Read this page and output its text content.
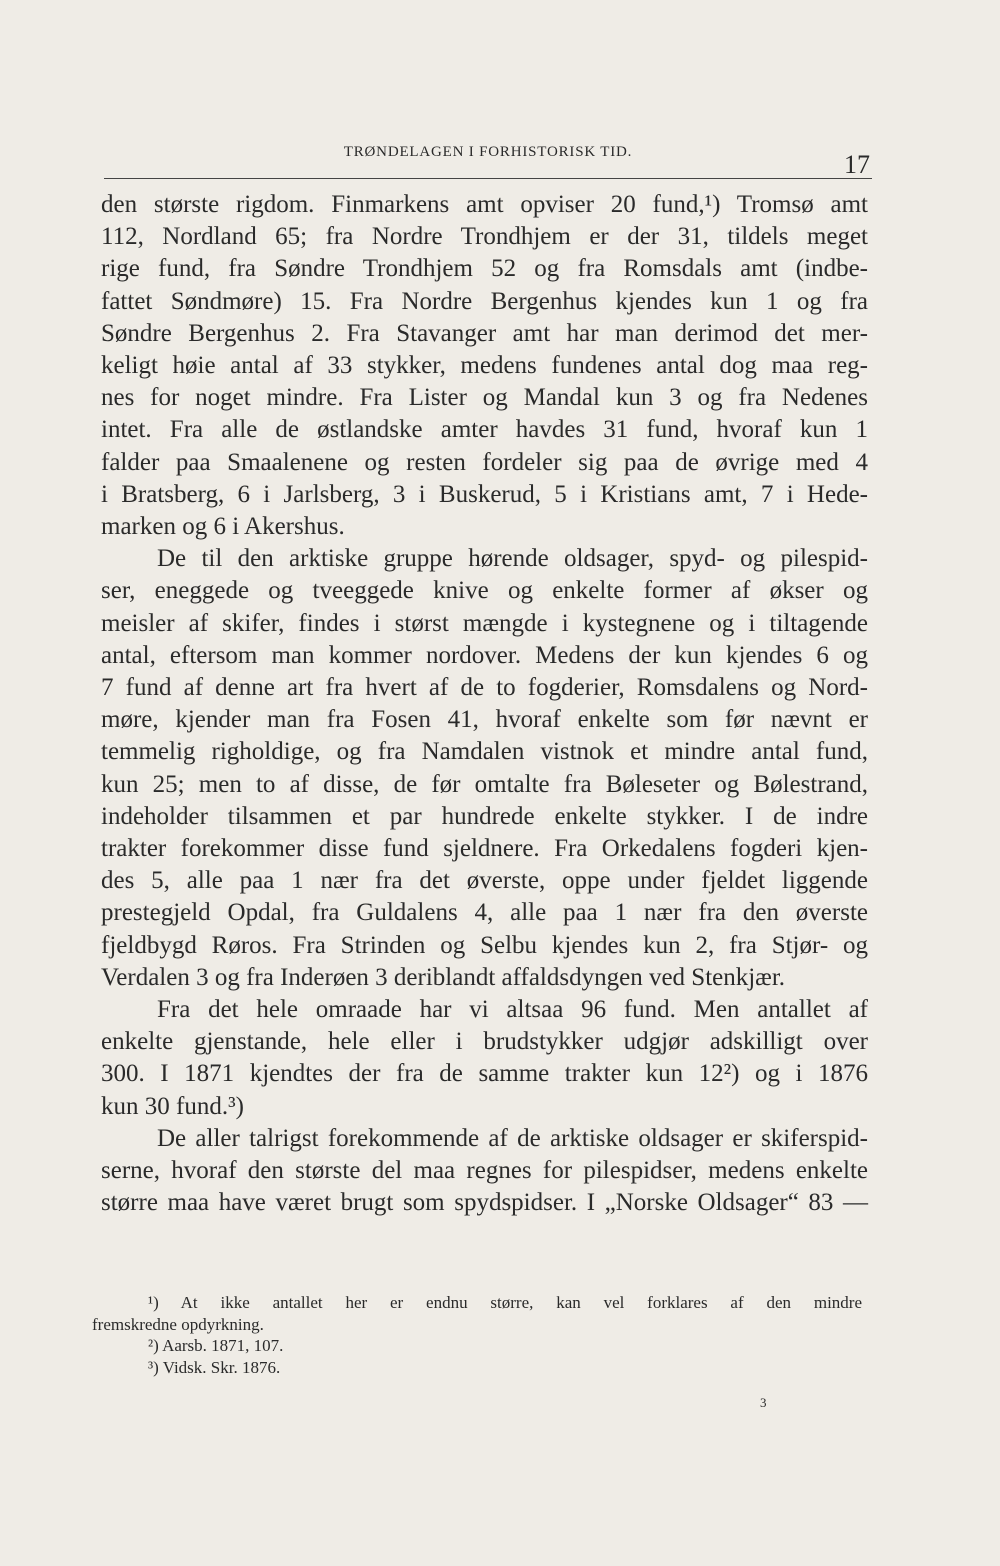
TRØNDELAGEN I FORHISTORISK TID.	17

den største rigdom. Finmarkens amt opviser 20 fund,¹) Tromsø amt
112, Nordland 65; fra Nordre Trondhjem er der 31, tildels meget
rige fund, fra Søndre Trondhjem 52 og fra Romsdals amt (indbe-
fattet Søndmøre) 15. Fra Nordre Bergenhus kjendes kun 1 og fra
Søndre Bergenhus 2. Fra Stavanger amt har man derimod det mer-
keligt høie antal af 33 stykker, medens fundenes antal dog maa reg-
nes for noget mindre. Fra Lister og Mandal kun 3 og fra Nedenes
intet. Fra alle de østlandske amter havdes 31 fund, hvoraf kun 1
falder paa Smaalenene og resten fordeler sig paa de øvrige med 4
i Bratsberg, 6 i Jarlsberg, 3 i Buskerud, 5 i Kristians amt, 7 i Hede-
marken og 6 i Akershus.

De til den arktiske gruppe hørende oldsager, spyd- og pilespid-
ser, eneggede og tveeggede knive og enkelte former af økser og
meisler af skifer, findes i størst mængde i kystegnene og i tiltagende
antal, eftersom man kommer nordover. Medens der kun kjendes 6 og
7 fund af denne art fra hvert af de to fogderier, Romsdalens og Nord-
møre, kjender man fra Fosen 41, hvoraf enkelte som før nævnt er
temmelig righoldige, og fra Namdalen vistnok et mindre antal fund,
kun 25; men to af disse, de før omtalte fra Bøleseter og Bølestrand,
indeholder tilsammen et par hundrede enkelte stykker. I de indre
trakter forekommer disse fund sjeldnere. Fra Orkedalens fogderi kjen-
des 5, alle paa 1 nær fra det øverste, oppe under fjeldet liggende
prestegjeld Opdal, fra Guldalens 4, alle paa 1 nær fra den øverste
fjeldbygd Røros. Fra Strinden og Selbu kjendes kun 2, fra Stjør- og
Verdalen 3 og fra Inderøen 3 deriblandt affaldsdyngen ved Stenkjær.

Fra det hele omraade har vi altsaa 96 fund. Men antallet af
enkelte gjenstande, hele eller i brudstykker udgjør adskilligt over
300. I 1871 kjendtes der fra de samme trakter kun 12²) og i 1876
kun 30 fund.³)

De aller talrigst forekommende af de arktiske oldsager er skiferspid-
serne, hvoraf den største del maa regnes for pilespidser, medens enkelte
større maa have været brugt som spydspidser. I „Norske Oldsager“ 83 —

¹) At ikke antallet her er endnu større, kan vel forklares af den mindre
fremskredne opdyrkning.
²) Aarsb. 1871, 107.
³) Vidsk. Skr. 1876.
3
